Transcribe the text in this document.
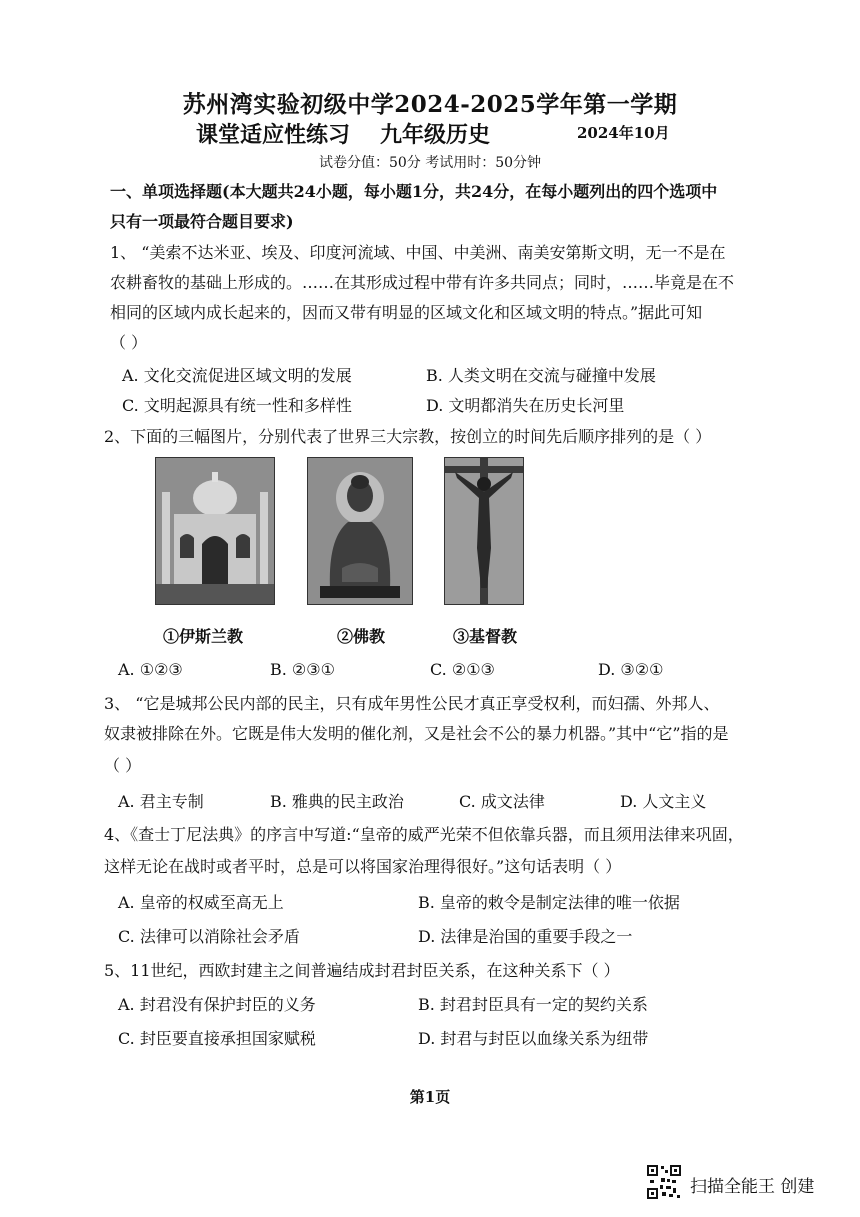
苏州湾实验初级中学2024-2025学年第一学期
课堂适应性练习 九年级历史	2024年10月
试卷分值：50分 考试用时：50分钟
一、单项选择题(本大题共24小题，每小题1分，共24分，在每小题列出的四个选项中
只有一项最符合题目要求)
1、 “美索不达米亚、埃及、印度河流域、中国、中美洲、南美安第斯文明，无一不是在
农耕畜牧的基础上形成的。……在其形成过程中带有许多共同点；同时，……毕竟是在不
相同的区域内成长起来的，因而又带有明显的区域文化和区域文明的特点。”据此可知
（ ）
A. 文化交流促进区域文明的发展	B. 人类文明在交流与碰撞中发展
C. 文明起源具有统一性和多样性	D. 文明都消失在历史长河里
2、下面的三幅图片，分别代表了世界三大宗教，按创立的时间先后顺序排列的是（ ）
①伊斯兰教	②佛教	③基督教
A. ①②③	B. ②③①	C. ②①③	D. ③②①
3、 “它是城邦公民内部的民主，只有成年男性公民才真正享受权利，而妇孺、外邦人、
奴隶被排除在外。它既是伟大发明的催化剂，又是社会不公的暴力机器。”其中“它”指的是
（ ）
A. 君主专制	B. 雅典的民主政治	C. 成文法律	D. 人文主义
4、《查士丁尼法典》的序言中写道:“皇帝的威严光荣不但依靠兵器，而且须用法律来巩固，
这样无论在战时或者平时，总是可以将国家治理得很好。”这句话表明（ ）
A. 皇帝的权威至高无上	B. 皇帝的敕令是制定法律的唯一依据
C. 法律可以消除社会矛盾	D. 法律是治国的重要手段之一
5、11世纪，西欧封建主之间普遍结成封君封臣关系，在这种关系下（ ）
A. 封君没有保护封臣的义务	B. 封君封臣具有一定的契约关系
C. 封臣要直接承担国家赋税	D. 封君与封臣以血缘关系为纽带
第1页
扫描全能王 创建
